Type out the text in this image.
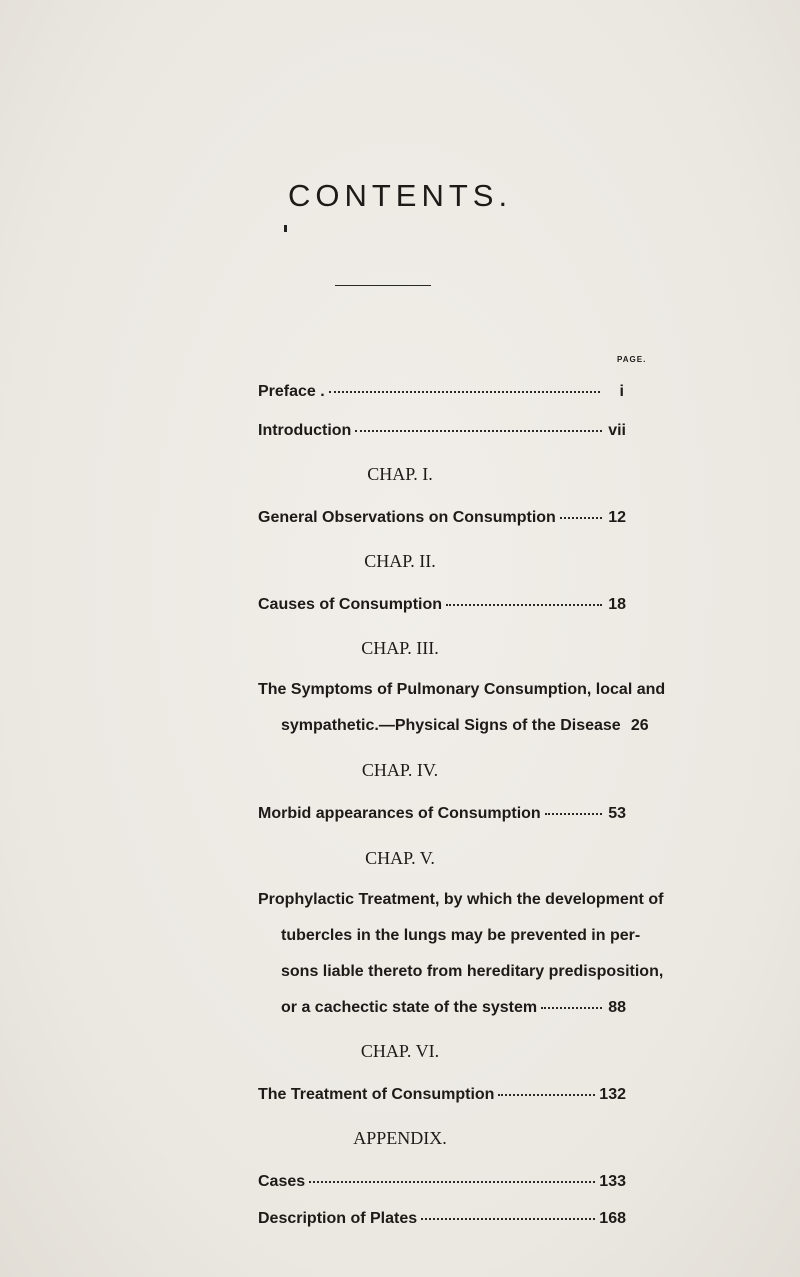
CONTENTS.
PAGE.
Preface .	i
Introduction	vii
CHAP. I.
General Observations on Consumption	12
CHAP. II.
Causes of Consumption	18
CHAP. III.
The Symptoms of Pulmonary Consumption, local and
sympathetic.—Physical Signs of the Disease 26
CHAP. IV.
Morbid appearances of Consumption	53
CHAP. V.
Prophylactic Treatment, by which the development of
tubercles in the lungs may be prevented in per-
sons liable thereto from hereditary predisposition,
or a cachectic state of the system	88
CHAP. VI.
The Treatment of Consumption	132
APPENDIX.
Cases	133
Description of Plates	168
